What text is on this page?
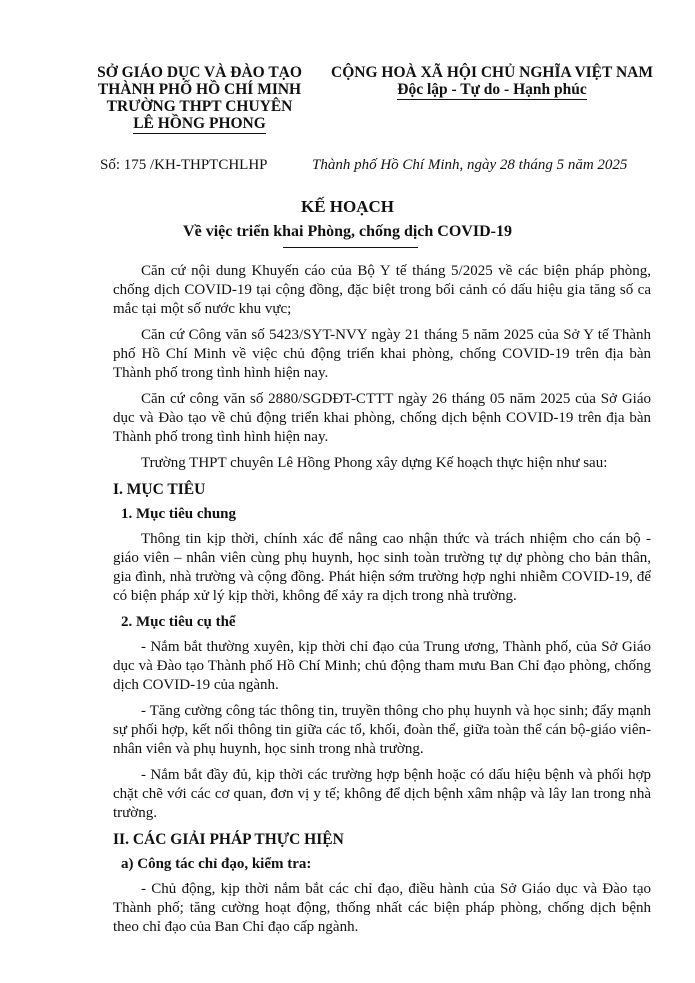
SỞ GIÁO DỤC VÀ ĐÀO TẠO
THÀNH PHỐ HỒ CHÍ MINH
TRƯỜNG THPT CHUYÊN
LÊ HỒNG PHONG
CỘNG HOÀ XÃ HỘI CHỦ NGHĨA VIỆT NAM
Độc lập - Tự do - Hạnh phúc
Số: 175 /KH-THPTCHLHP	Thành phố Hồ Chí Minh, ngày 28 tháng 5 năm 2025
KẾ HOẠCH
Về việc triển khai Phòng, chống dịch COVID-19

Căn cứ nội dung Khuyến cáo của Bộ Y tế tháng 5/2025 về các biện pháp phòng, chống dịch COVID-19 tại cộng đồng, đặc biệt trong bối cảnh có dấu hiệu gia tăng số ca mắc tại một số nước khu vực;

Căn cứ Công văn số 5423/SYT-NVY ngày 21 tháng 5 năm 2025 của Sở Y tế Thành phố Hồ Chí Minh về việc chủ động triển khai phòng, chống COVID-19 trên địa bàn Thành phố trong tình hình hiện nay.

Căn cứ công văn số 2880/SGDĐT-CTTT ngày 26 tháng 05 năm 2025 của Sở Giáo dục và Đào tạo về chủ động triển khai phòng, chống dịch bệnh COVID-19 trên địa bàn Thành phố trong tình hình hiện nay.

Trường THPT chuyên Lê Hồng Phong xây dựng Kế hoạch thực hiện như sau:

I. MỤC TIÊU

1. Mục tiêu chung

Thông tin kịp thời, chính xác để nâng cao nhận thức và trách nhiệm cho cán bộ - giáo viên – nhân viên cùng phụ huynh, học sinh toàn trường tự dự phòng cho bản thân, gia đình, nhà trường và cộng đồng. Phát hiện sớm trường hợp nghi nhiễm COVID-19, để có biện pháp xử lý kịp thời, không để xảy ra dịch trong nhà trường.

2. Mục tiêu cụ thể

- Nắm bắt thường xuyên, kịp thời chỉ đạo của Trung ương, Thành phố, của Sở Giáo dục và Đào tạo Thành phố Hồ Chí Minh; chủ động tham mưu Ban Chỉ đạo phòng, chống dịch COVID-19 của ngành.

- Tăng cường công tác thông tin, truyền thông cho phụ huynh và học sinh; đẩy mạnh sự phối hợp, kết nối thông tin giữa các tổ, khối, đoàn thể, giữa toàn thể cán bộ-giáo viên-nhân viên và phụ huynh, học sinh trong nhà trường.

- Nắm bắt đầy đủ, kịp thời các trường hợp bệnh hoặc có dấu hiệu bệnh và phối hợp chặt chẽ với các cơ quan, đơn vị y tế; không để dịch bệnh xâm nhập và lây lan trong nhà trường.

II. CÁC GIẢI PHÁP THỰC HIỆN

a) Công tác chỉ đạo, kiểm tra:

- Chủ động, kịp thời nắm bắt các chỉ đạo, điều hành của Sở Giáo dục và Đào tạo Thành phố; tăng cường hoạt động, thống nhất các biện pháp phòng, chống dịch bệnh theo chỉ đạo của Ban Chỉ đạo cấp ngành.
